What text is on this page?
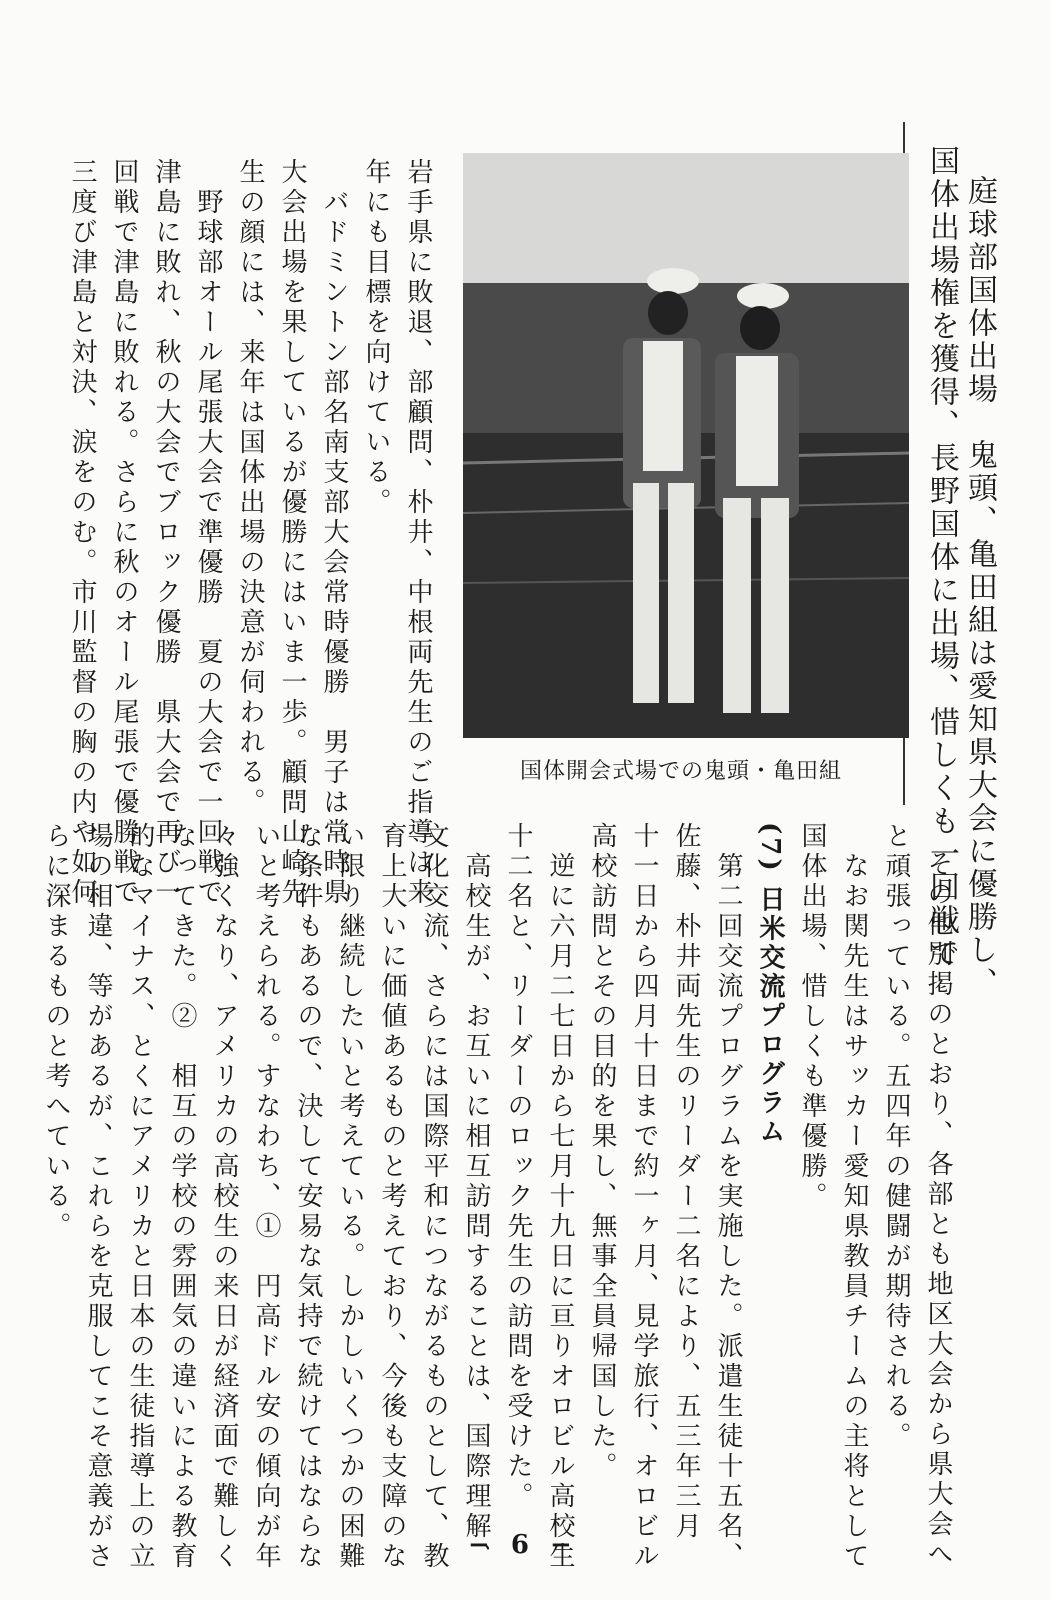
庭球部国体出場　鬼頭、亀田組は愛知県大会に優勝し、
国体出場権を獲得、長野国体に出場、惜しくも一回戦で
国体開会式場での鬼頭・亀田組
岩手県に敗退、部顧問、朴井、中根両先生のご指導は来
年にも目標を向けている。
　バドミントン部名南支部大会常時優勝　男子は常時県
大会出場を果しているが優勝にはいま一歩。顧問山崎先
生の顔には、来年は国体出場の決意が伺われる。
　野球部オール尾張大会で準優勝　夏の大会で一回戦で
津島に敗れ、秋の大会でブロック優勝　県大会で再び一
回戦で津島に敗れる。さらに秋のオール尾張で優勝戦で
三度び津島と対決、涙をのむ。市川監督の胸の内や如何
その他別掲のとおり、各部とも地区大会から県大会へ
と頑張っている。五四年の健闘が期待される。
　なお関先生はサッカー愛知県教員チームの主将として
国体出場、惜しくも準優勝。
(7) 日米交流プログラム
　第二回交流プログラムを実施した。派遣生徒十五名、
佐藤、朴井両先生のリーダー二名により、五三年三月
十一日から四月十日まで約一ヶ月、見学旅行、オロビル
高校訪問とその目的を果し、無事全員帰国した。
　逆に六月二七日から七月十九日に亘りオロビル高校生
十二名と、リーダーのロック先生の訪問を受けた。
　高校生が、お互いに相互訪問することは、国際理解、
文化交流、さらには国際平和につながるものとして、教
育上大いに価値あるものと考えており、今後も支障のな
い限り継続したいと考えている。しかしいくつかの困難
な条件もあるので、決して安易な気持で続けてはならな
いと考えられる。すなわち、①　円高ドル安の傾向が年
々強くなり、アメリカの高校生の来日が経済面で難しく
なってきた。②　相互の学校の雰囲気の違いによる教育
的なマイナス、とくにアメリカと日本の生徒指導上の立
場の相違、等があるが、これらを克服してこそ意義がさ
らに深まるものと考へている。
− 6 −
